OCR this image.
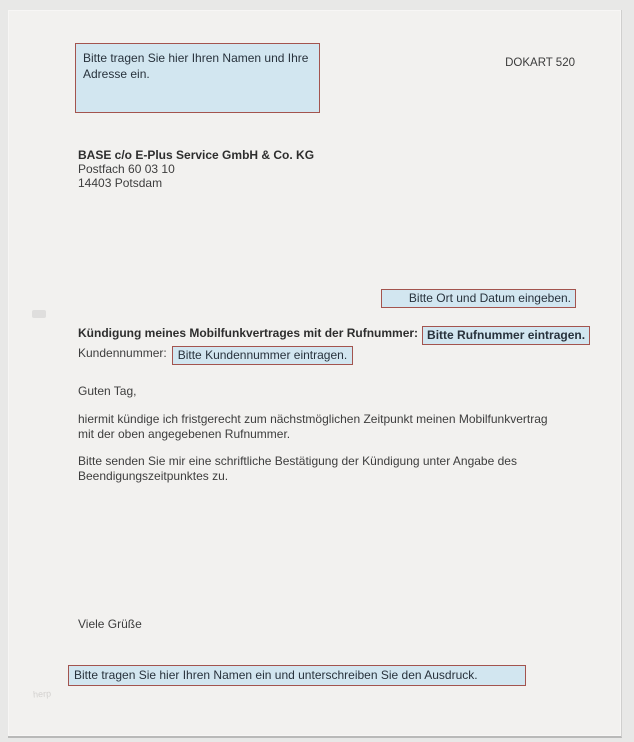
Bitte tragen Sie hier Ihren Namen und Ihre Adresse ein.
DOKART 520
BASE c/o E-Plus Service GmbH & Co. KG
Postfach 60 03 10
14403 Potsdam
Bitte Ort und Datum eingeben.
Kündigung meines Mobilfunkvertrages mit der Rufnummer: Bitte Rufnummer eintragen.
Kundennummer: Bitte Kundennummer eintragen.
Guten Tag,
hiermit kündige ich fristgerecht zum nächstmöglichen Zeitpunkt meinen Mobilfunkvertrag
mit der oben angegebenen Rufnummer.
Bitte senden Sie mir eine schriftliche Bestätigung der Kündigung unter Angabe des
Beendigungszeitpunktes zu.
Viele Grüße
Bitte tragen Sie hier Ihren Namen ein und unterschreiben Sie den Ausdruck.
herp
